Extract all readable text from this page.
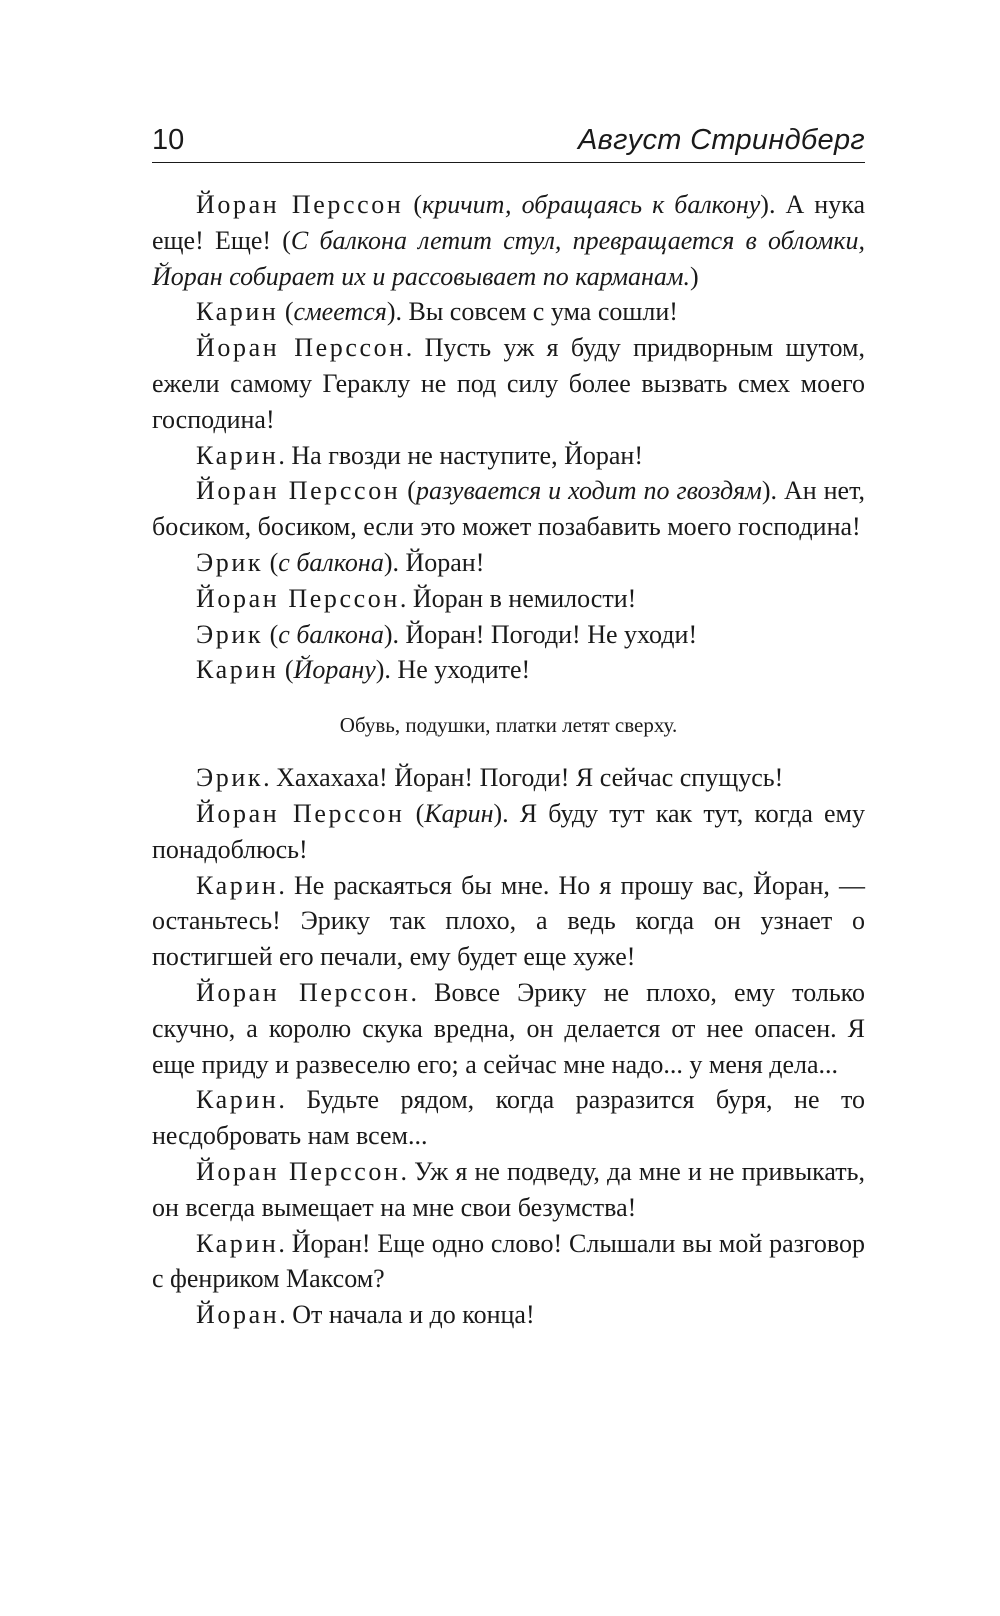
10	Август Стриндберг

Йоран Перссон (кричит, обращаясь к балкону). А нука еще! Еще! (С балкона летит стул, превращается в обломки, Йоран собирает их и рассовывает по карманам.)

Карин (смеется). Вы совсем с ума сошли!

Йоран Перссон. Пусть уж я буду придворным шутом, ежели самому Гераклу не под силу более вызвать смех моего господина!

Карин. На гвозди не наступите, Йоран!

Йоран Перссон (разувается и ходит по гвоздям). Ан нет, босиком, босиком, если это может позабавить моего господина!

Эрик (с балкона). Йоран!

Йоран Перссон. Йоран в немилости!

Эрик (с балкона). Йоран! Погоди! Не уходи!

Карин (Йорану). Не уходите!

Обувь, подушки, платки летят сверху.

Эрик. Хахахаха! Йоран! Погоди! Я сейчас спущусь!

Йоран Перссон (Карин). Я буду тут как тут, когда ему понадоблюсь!

Карин. Не раскаяться бы мне. Но я прошу вас, Йоран, — останьтесь! Эрику так плохо, а ведь когда он узнает о постигшей его печали, ему будет еще хуже!

Йоран Перссон. Вовсе Эрику не плохо, ему только скучно, а королю скука вредна, он делается от нее опасен. Я еще приду и развеселю его; а сейчас мне надо... у меня дела...

Карин. Будьте рядом, когда разразится буря, не то несдобровать нам всем...

Йоран Перссон. Уж я не подведу, да мне и не привыкать, он всегда вымещает на мне свои безумства!

Карин. Йоран! Еще одно слово! Слышали вы мой разговор с фенриком Максом?

Йоран. От начала и до конца!
